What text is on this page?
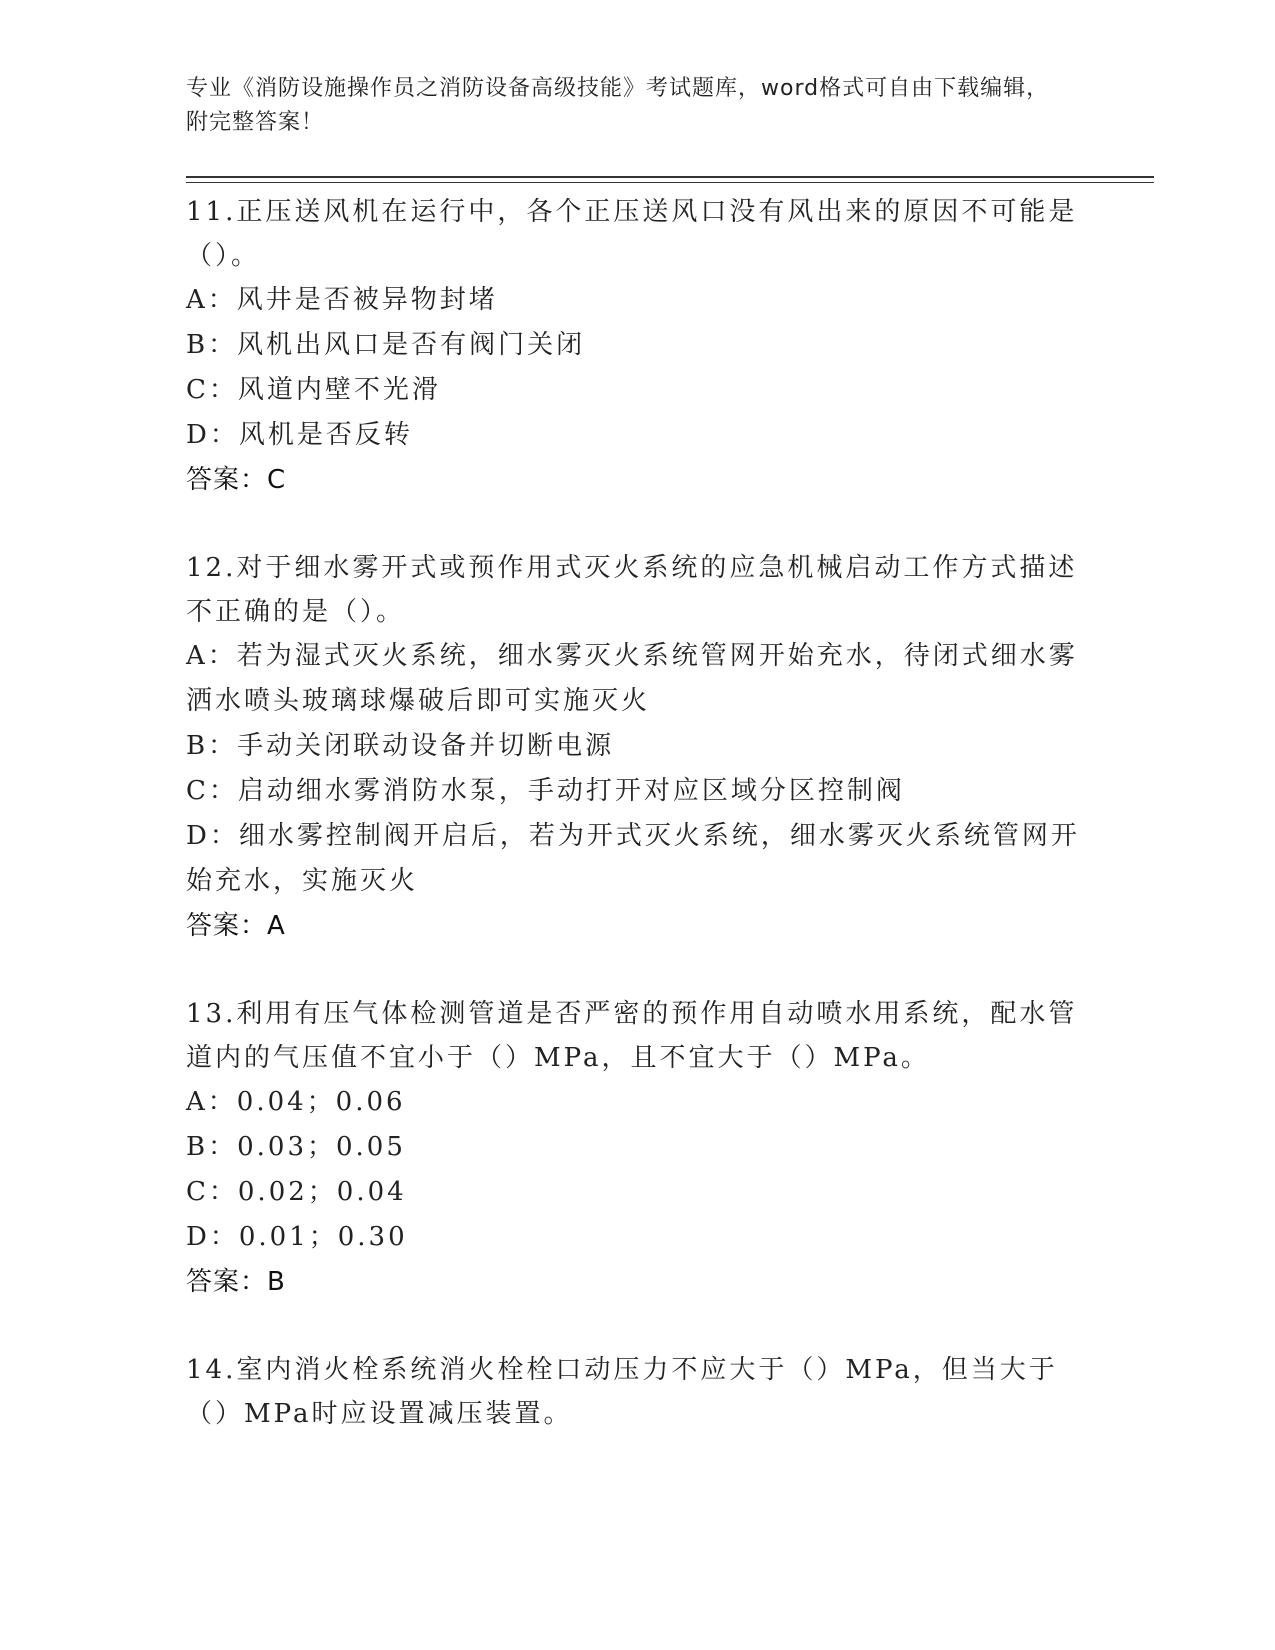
专业《消防设施操作员之消防设备高级技能》考试题库，word格式可自由下载编辑，附完整答案！
11.正压送风机在运行中，各个正压送风口没有风出来的原因不可能是（）。
A：风井是否被异物封堵
B：风机出风口是否有阀门关闭
C：风道内壁不光滑
D：风机是否反转
答案：C
12.对于细水雾开式或预作用式灭火系统的应急机械启动工作方式描述不正确的是（）。
A：若为湿式灭火系统，细水雾灭火系统管网开始充水，待闭式细水雾洒水喷头玻璃球爆破后即可实施灭火
B：手动关闭联动设备并切断电源
C：启动细水雾消防水泵，手动打开对应区域分区控制阀
D：细水雾控制阀开启后，若为开式灭火系统，细水雾灭火系统管网开始充水，实施灭火
答案：A
13.利用有压气体检测管道是否严密的预作用自动喷水用系统，配水管道内的气压值不宜小于（）MPa，且不宜大于（）MPa。
A：0.04；0.06
B：0.03；0.05
C：0.02；0.04
D：0.01；0.30
答案：B
14.室内消火栓系统消火栓栓口动压力不应大于（）MPa，但当大于（）MPa时应设置减压装置。
